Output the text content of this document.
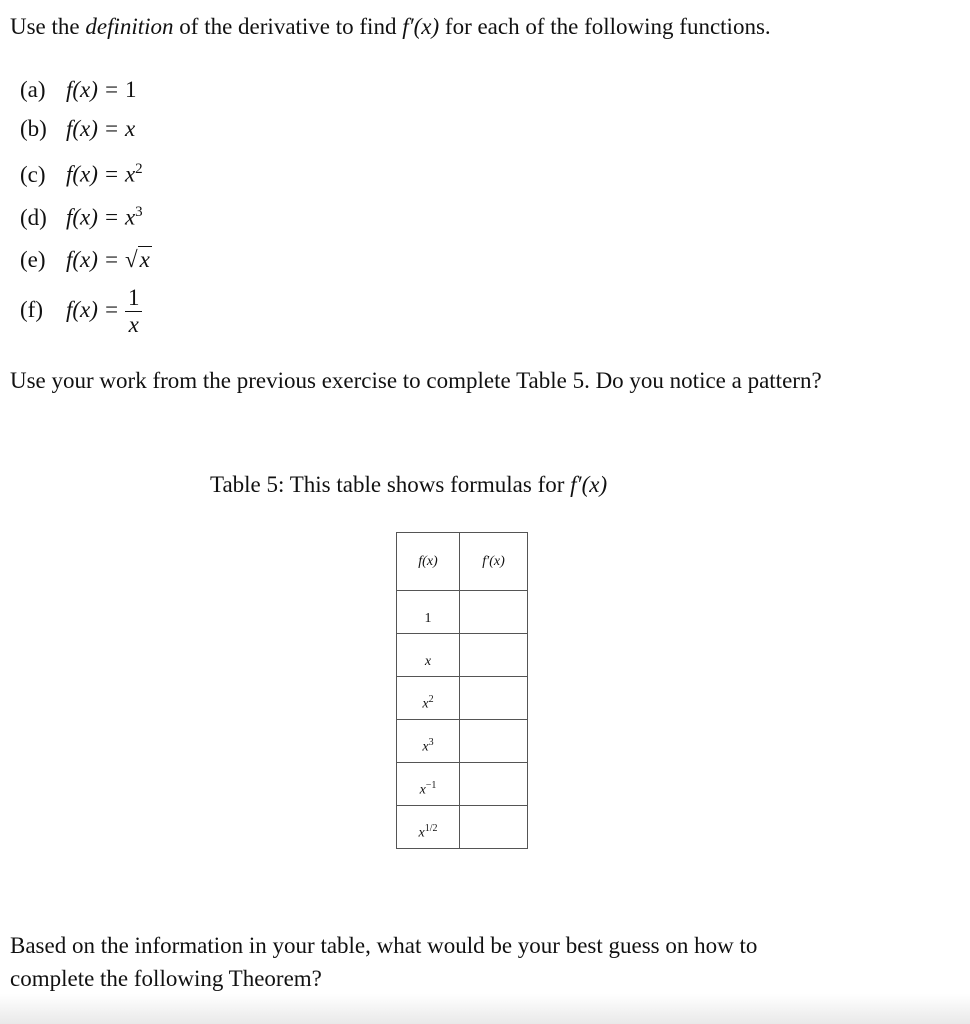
Use the definition of the derivative to find f′(x) for each of the following functions.
(a) f(x) = 1
(b) f(x) = x
(c) $f(x) = x^2$
(d) $f(x) = x^3$
(e) f(x) = √x
(f) $f(x) = \frac{1}{x}$
Use your work from the previous exercise to complete Table 5. Do you notice a pattern?
Table 5: This table shows formulas for f′(x)
f(x)	f′(x)
1	
x	
$x^2$	
$x^3$	
$x^{-1}$	
$x^{1/2}$	
Based on the information in your table, what would be your best guess on how to
complete the following Theorem?
